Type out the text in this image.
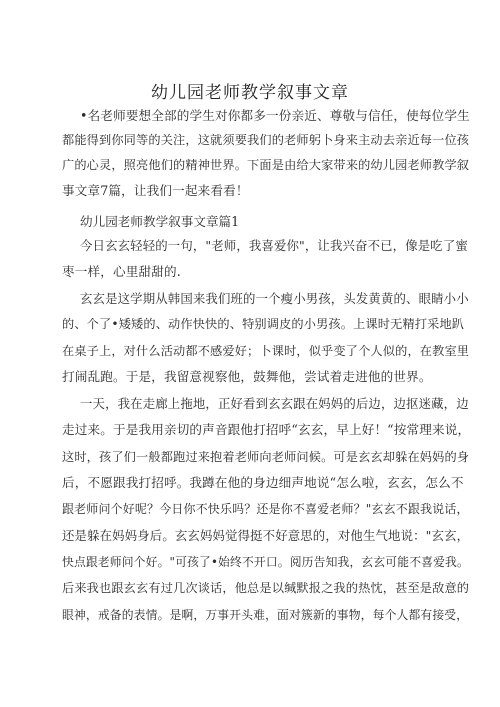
幼儿园老师教学叙事文章
•名老师要想全部的学生对你都多一份亲近、尊敬与信任，使每位学生
都能得到你同等的关注，这就须要我们的老师躬卜身来主动去亲近每一位孩
广的心灵，照亮他们的精神世界。下面是由给大家带来的幼儿园老师教学叙
事文章7篇，让我们一起来看看！
幼儿园老师教学叙事文章篇1
今日玄玄轻轻的一句，"老师，我喜爱你"，让我兴奋不已，像是吃了蜜
枣一样，心里甜甜的.
玄玄是这学期从韩国来我们班的一个瘦小男孩，头发黄黄的、眼睛小小
的、个了•矮矮的、动作快快的、特别调皮的小男孩。上课时无精打采地趴
在桌子上，对什么活动都不感爱好；卜课时，似乎变了个人似的，在教室里
打闹乱跑。于是，我留意视察他，鼓舞他，尝试着走进他的世界。
一天，我在走廊上拖地，正好看到玄玄跟在妈妈的后边，边抠迷藏，边
走过来。于是我用亲切的声音跟他打招呼“玄玄，早上好！“按常理来说，
这时，孩了们一般都跑过来抱着老师向老师问候。可是玄玄却躲在妈妈的身
后，不愿跟我打招呼。我蹲在他的身边细声地说“怎么啦，玄玄，怎么不
跟老师问个好呢？今日你不快乐吗？还是你不喜爱老师？"玄玄不跟我说话，
还是躲在妈妈身后。玄玄妈妈觉得挺不好意思的，对他生气地说："玄玄，
快点跟老师问个好。"可孩了•始终不开口。阅历告知我，玄玄可能不喜爱我。
后来我也跟玄玄有过几次谈话，他总是以缄默报之我的热忱，甚至是敌意的
眼神，戒备的表情。是啊，万事开头难，面对簇新的事物，每个人都有接受，
